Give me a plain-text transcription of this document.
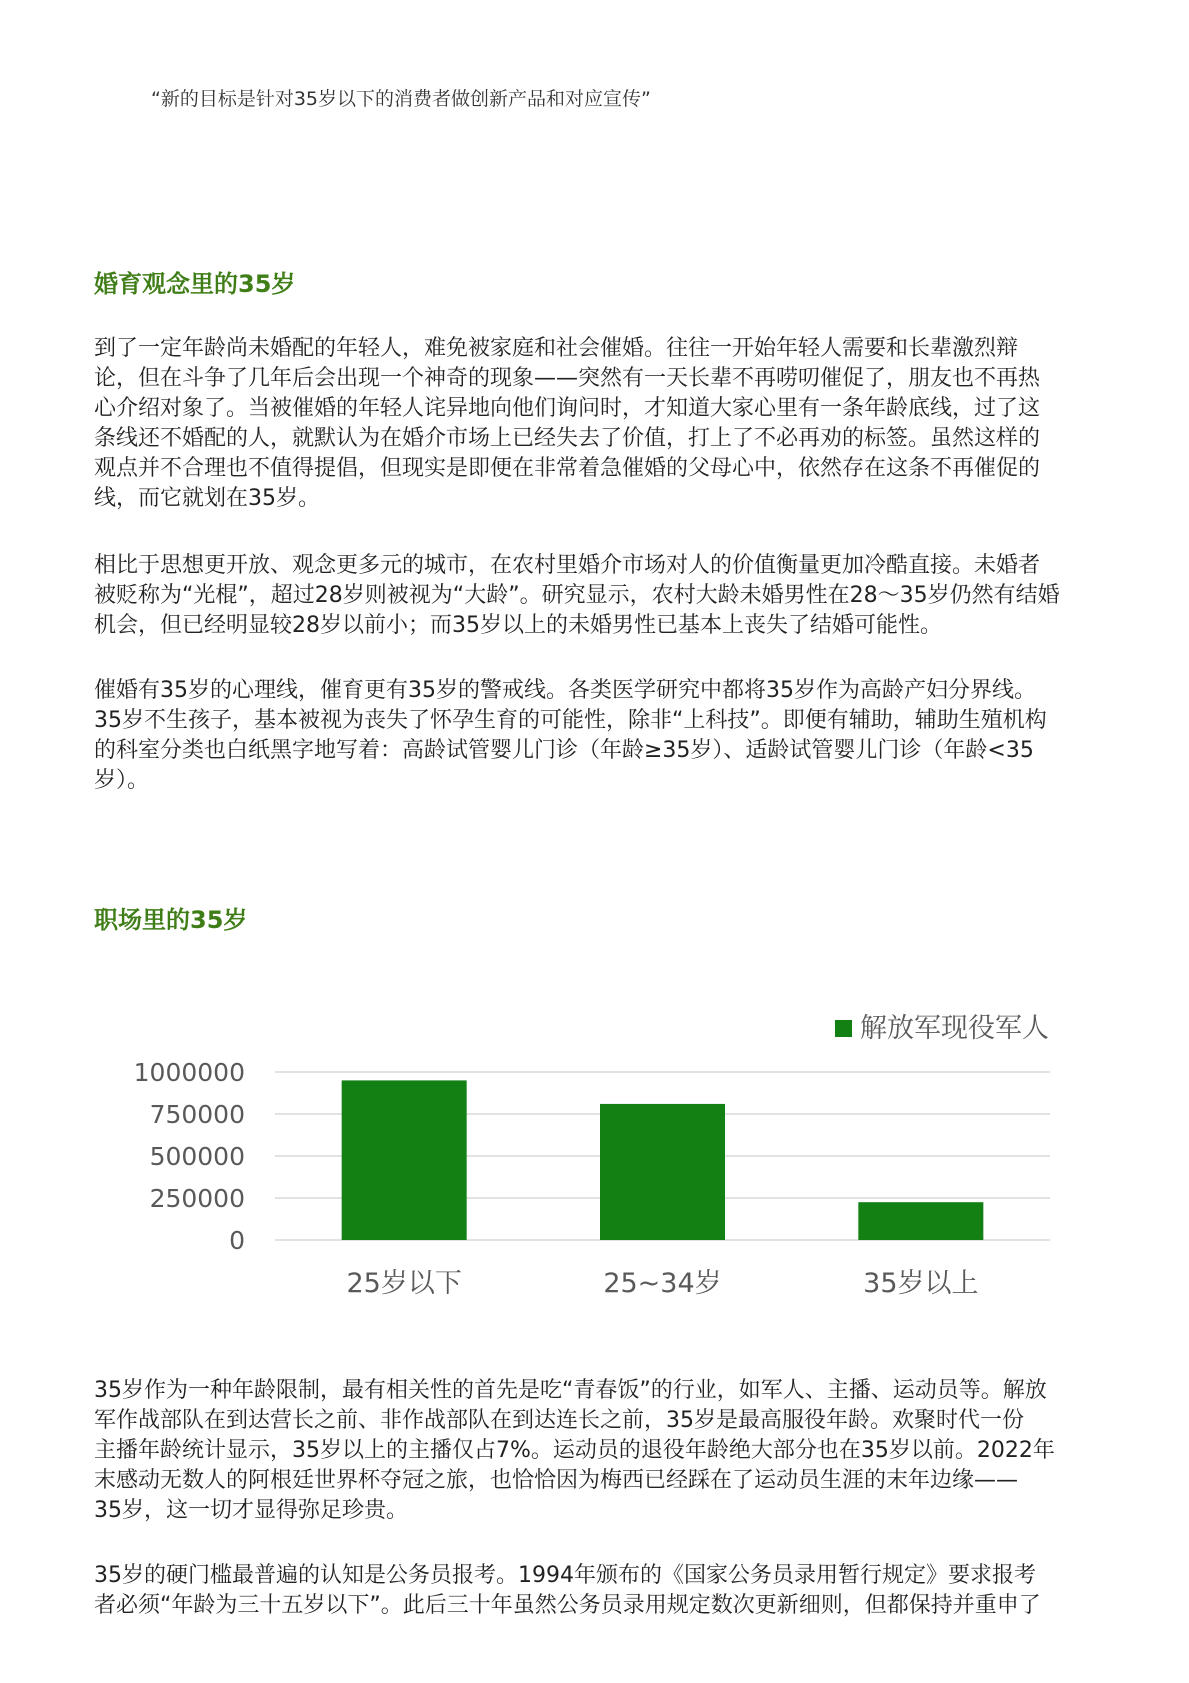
“新的目标是针对35岁以下的消费者做创新产品和对应宣传”
婚育观念里的35岁

到了一定年龄尚未婚配的年轻人，难免被家庭和社会催婚。往往一开始年轻人需要和长辈激烈辩
论，但在斗争了几年后会出现一个神奇的现象——突然有一天长辈不再唠叨催促了，朋友也不再热
心介绍对象了。当被催婚的年轻人诧异地向他们询问时，才知道大家心里有一条年龄底线，过了这
条线还不婚配的人，就默认为在婚介市场上已经失去了价值，打上了不必再劝的标签。虽然这样的
观点并不合理也不值得提倡，但现实是即便在非常着急催婚的父母心中，依然存在这条不再催促的
线，而它就划在35岁。

相比于思想更开放、观念更多元的城市，在农村里婚介市场对人的价值衡量更加冷酷直接。未婚者
被贬称为“光棍”，超过28岁则被视为“大龄”。研究显示，农村大龄未婚男性在28～35岁仍然有结婚
机会，但已经明显较28岁以前小；而35岁以上的未婚男性已基本上丧失了结婚可能性。

催婚有35岁的心理线，催育更有35岁的警戒线。各类医学研究中都将35岁作为高龄产妇分界线。
35岁不生孩子，基本被视为丧失了怀孕生育的可能性，除非“上科技”。即便有辅助，辅助生殖机构
的科室分类也白纸黑字地写着：高龄试管婴儿门诊（年龄≥35岁）、适龄试管婴儿门诊（年龄<35
岁）。

职场里的35岁
0
250000
500000
750000
1000000
25岁以下	25~34岁	35岁以上
解放军现役军人

35岁作为一种年龄限制，最有相关性的首先是吃“青春饭”的行业，如军人、主播、运动员等。解放
军作战部队在到达营长之前、非作战部队在到达连长之前，35岁是最高服役年龄。欢聚时代一份
主播年龄统计显示，35岁以上的主播仅占7%。运动员的退役年龄绝大部分也在35岁以前。2022年
末感动无数人的阿根廷世界杯夺冠之旅，也恰恰因为梅西已经踩在了运动员生涯的末年边缘——
35岁，这一切才显得弥足珍贵。

35岁的硬门槛最普遍的认知是公务员报考。1994年颁布的《国家公务员录用暂行规定》要求报考
者必须“年龄为三十五岁以下”。此后三十年虽然公务员录用规定数次更新细则，但都保持并重申了
